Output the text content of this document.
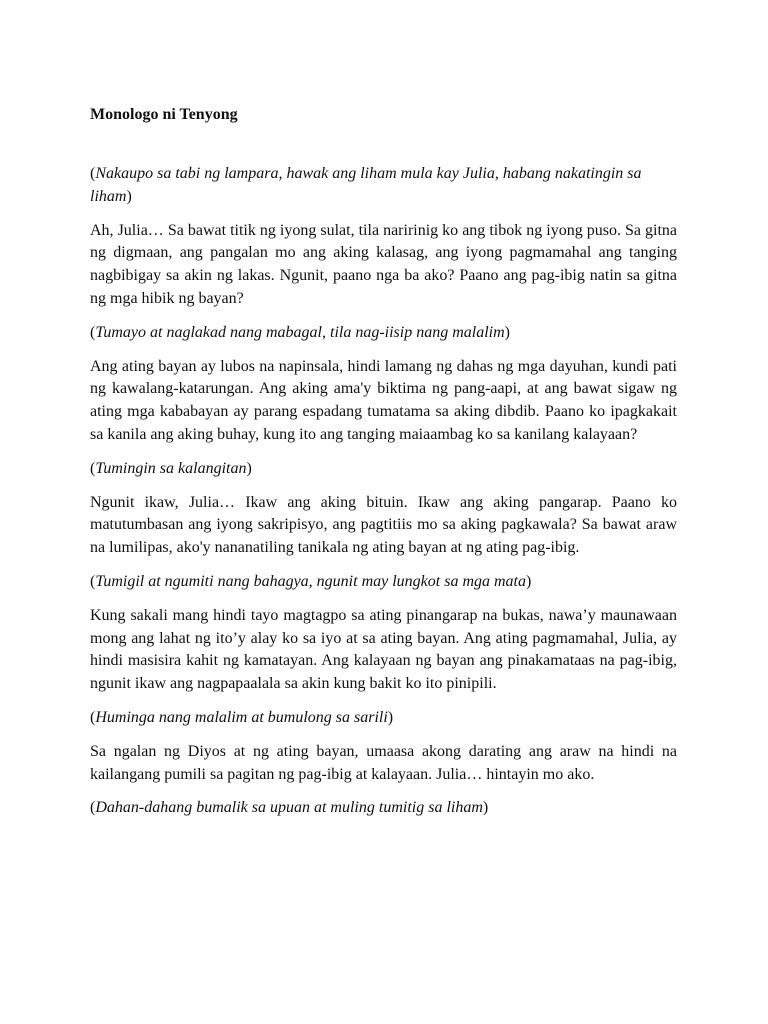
Monologo ni Tenyong

(Nakaupo sa tabi ng lampara, hawak ang liham mula kay Julia, habang nakatingin sa liham)

Ah, Julia… Sa bawat titik ng iyong sulat, tila naririnig ko ang tibok ng iyong puso. Sa gitna ng digmaan, ang pangalan mo ang aking kalasag, ang iyong pagmamahal ang tanging nagbibigay sa akin ng lakas. Ngunit, paano nga ba ako? Paano ang pag-ibig natin sa gitna ng mga hibik ng bayan?

(Tumayo at naglakad nang mabagal, tila nag-iisip nang malalim)

Ang ating bayan ay lubos na napinsala, hindi lamang ng dahas ng mga dayuhan, kundi pati ng kawalang-katarungan. Ang aking ama'y biktima ng pang-aapi, at ang bawat sigaw ng ating mga kababayan ay parang espadang tumatama sa aking dibdib. Paano ko ipagkakait sa kanila ang aking buhay, kung ito ang tanging maiaambag ko sa kanilang kalayaan?

(Tumingin sa kalangitan)

Ngunit ikaw, Julia… Ikaw ang aking bituin. Ikaw ang aking pangarap. Paano ko matutumbasan ang iyong sakripisyo, ang pagtitiis mo sa aking pagkawala? Sa bawat araw na lumilipas, ako'y nananatiling tanikala ng ating bayan at ng ating pag-ibig.

(Tumigil at ngumiti nang bahagya, ngunit may lungkot sa mga mata)

Kung sakali mang hindi tayo magtagpo sa ating pinangarap na bukas, nawa’y maunawaan mong ang lahat ng ito’y alay ko sa iyo at sa ating bayan. Ang ating pagmamahal, Julia, ay hindi masisira kahit ng kamatayan. Ang kalayaan ng bayan ang pinakamataas na pag-ibig, ngunit ikaw ang nagpapaalala sa akin kung bakit ko ito pinipili.

(Huminga nang malalim at bumulong sa sarili)

Sa ngalan ng Diyos at ng ating bayan, umaasa akong darating ang araw na hindi na kailangang pumili sa pagitan ng pag-ibig at kalayaan. Julia… hintayin mo ako.

(Dahan-dahang bumalik sa upuan at muling tumitig sa liham)
